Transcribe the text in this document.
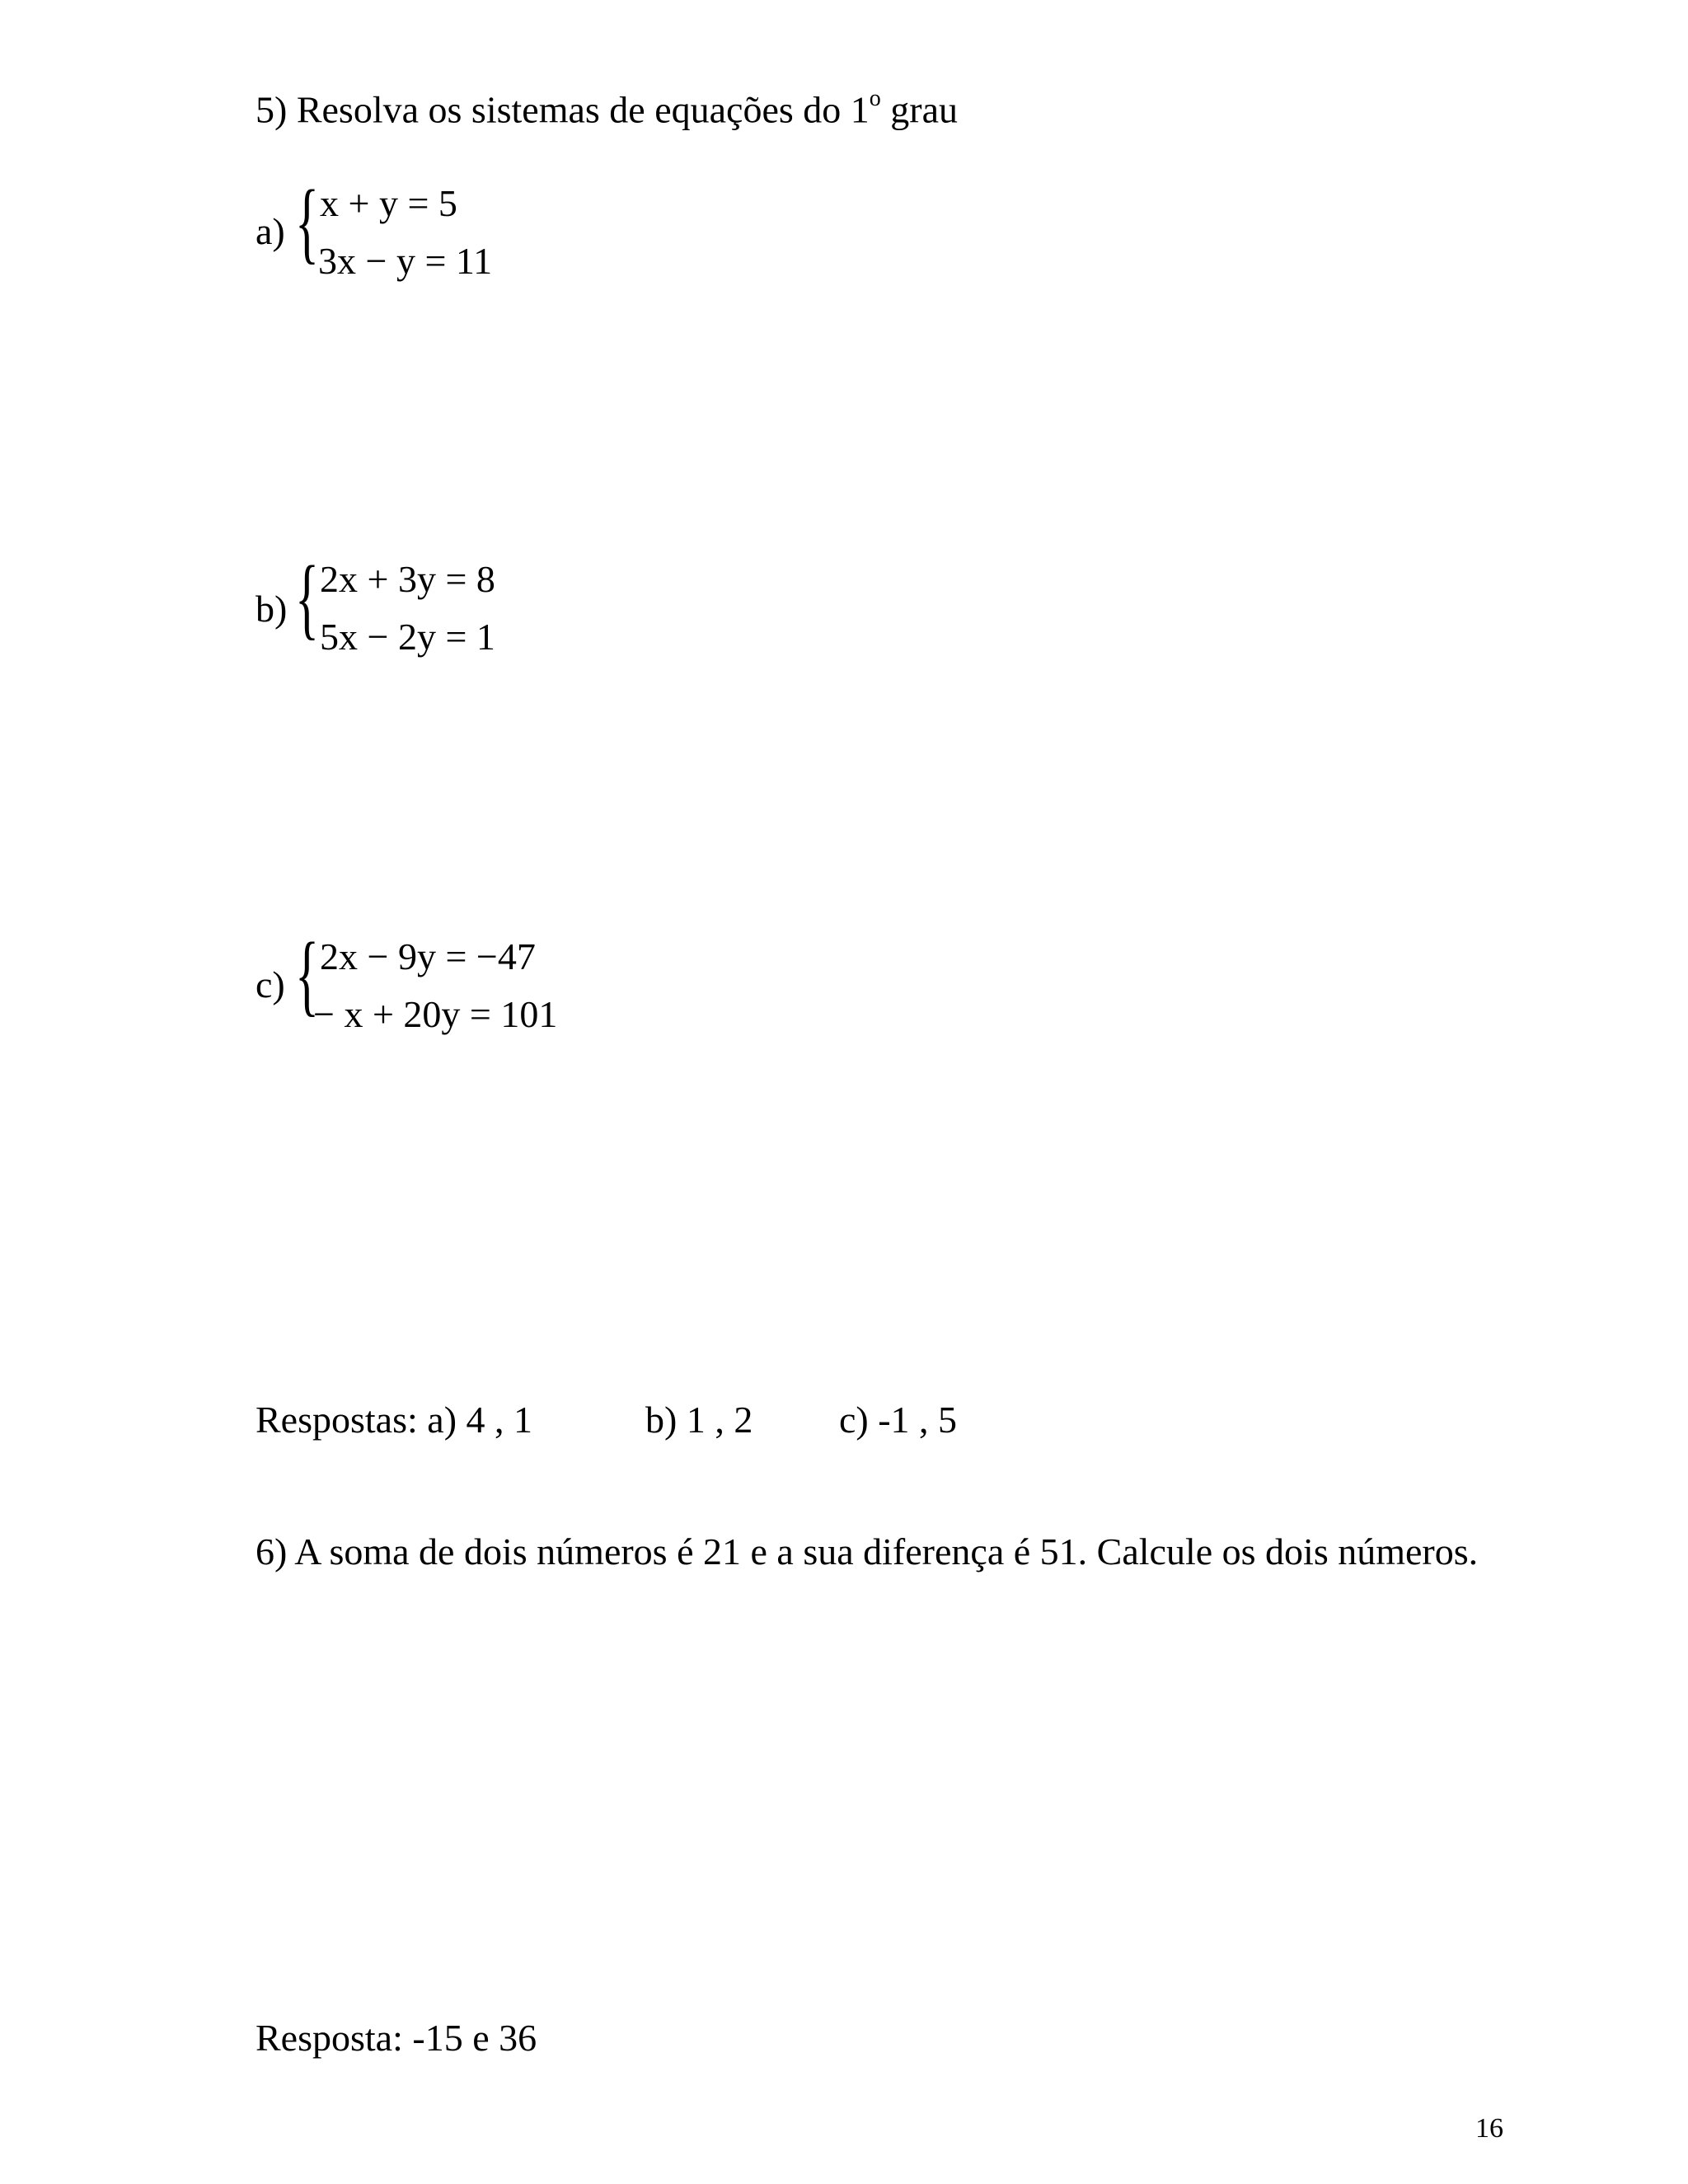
5) Resolva os sistemas de equações do 1$^o$ grau
a) { x + y = 5
3x − y = 11
b) { 2x + 3y = 8
5x − 2y = 1
c) { 2x − 9y = −47
− x + 20y = 101
Respostas: a) 4 , 1	b) 1 , 2 c) -1 , 5
6) A soma de dois números é 21 e a sua diferença é 51. Calcule os dois números.
Resposta: -15 e 36
16
